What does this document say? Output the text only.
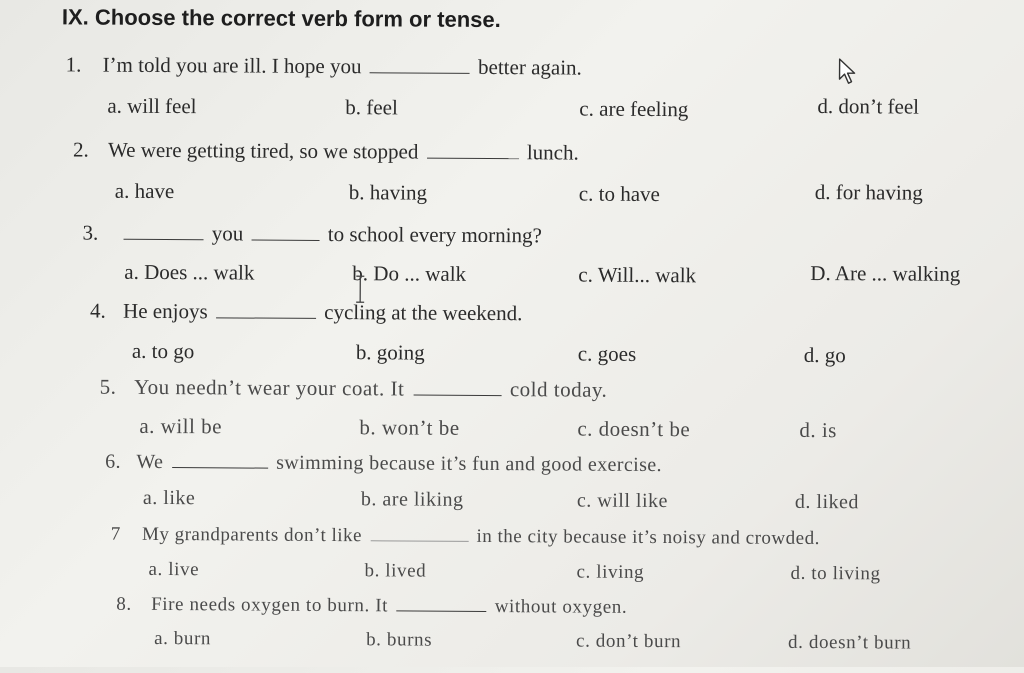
IX. Choose the correct verb form or tense.
1. I’m told you are ill. I hope you	better again.
a. will feel	b. feel	c. are feeling	d. don’t feel
2. We were getting tired, so we stopped	lunch.
a. have	b. having	c. to have	d. for having
3.	you	to school every morning?
a. Does ... walk	b. Do ... walk	c. Will... walk	D. Are ... walking
4. He enjoys	cycling at the weekend.
a. to go	b. going	c. goes	d. go
5. You needn’t wear your coat. It	cold today.
a. will be	b. won’t be	c. doesn’t be	d. is
6. We	swimming because it’s fun and good exercise.
a. like	b. are liking	c. will like	d. liked
7 My grandparents don’t like	in the city because it’s noisy and crowded.
a. live	b. lived	c. living	d. to living
8. Fire needs oxygen to burn. It	without oxygen.
a. burn	b. burns	c. don’t burn	d. doesn’t burn
